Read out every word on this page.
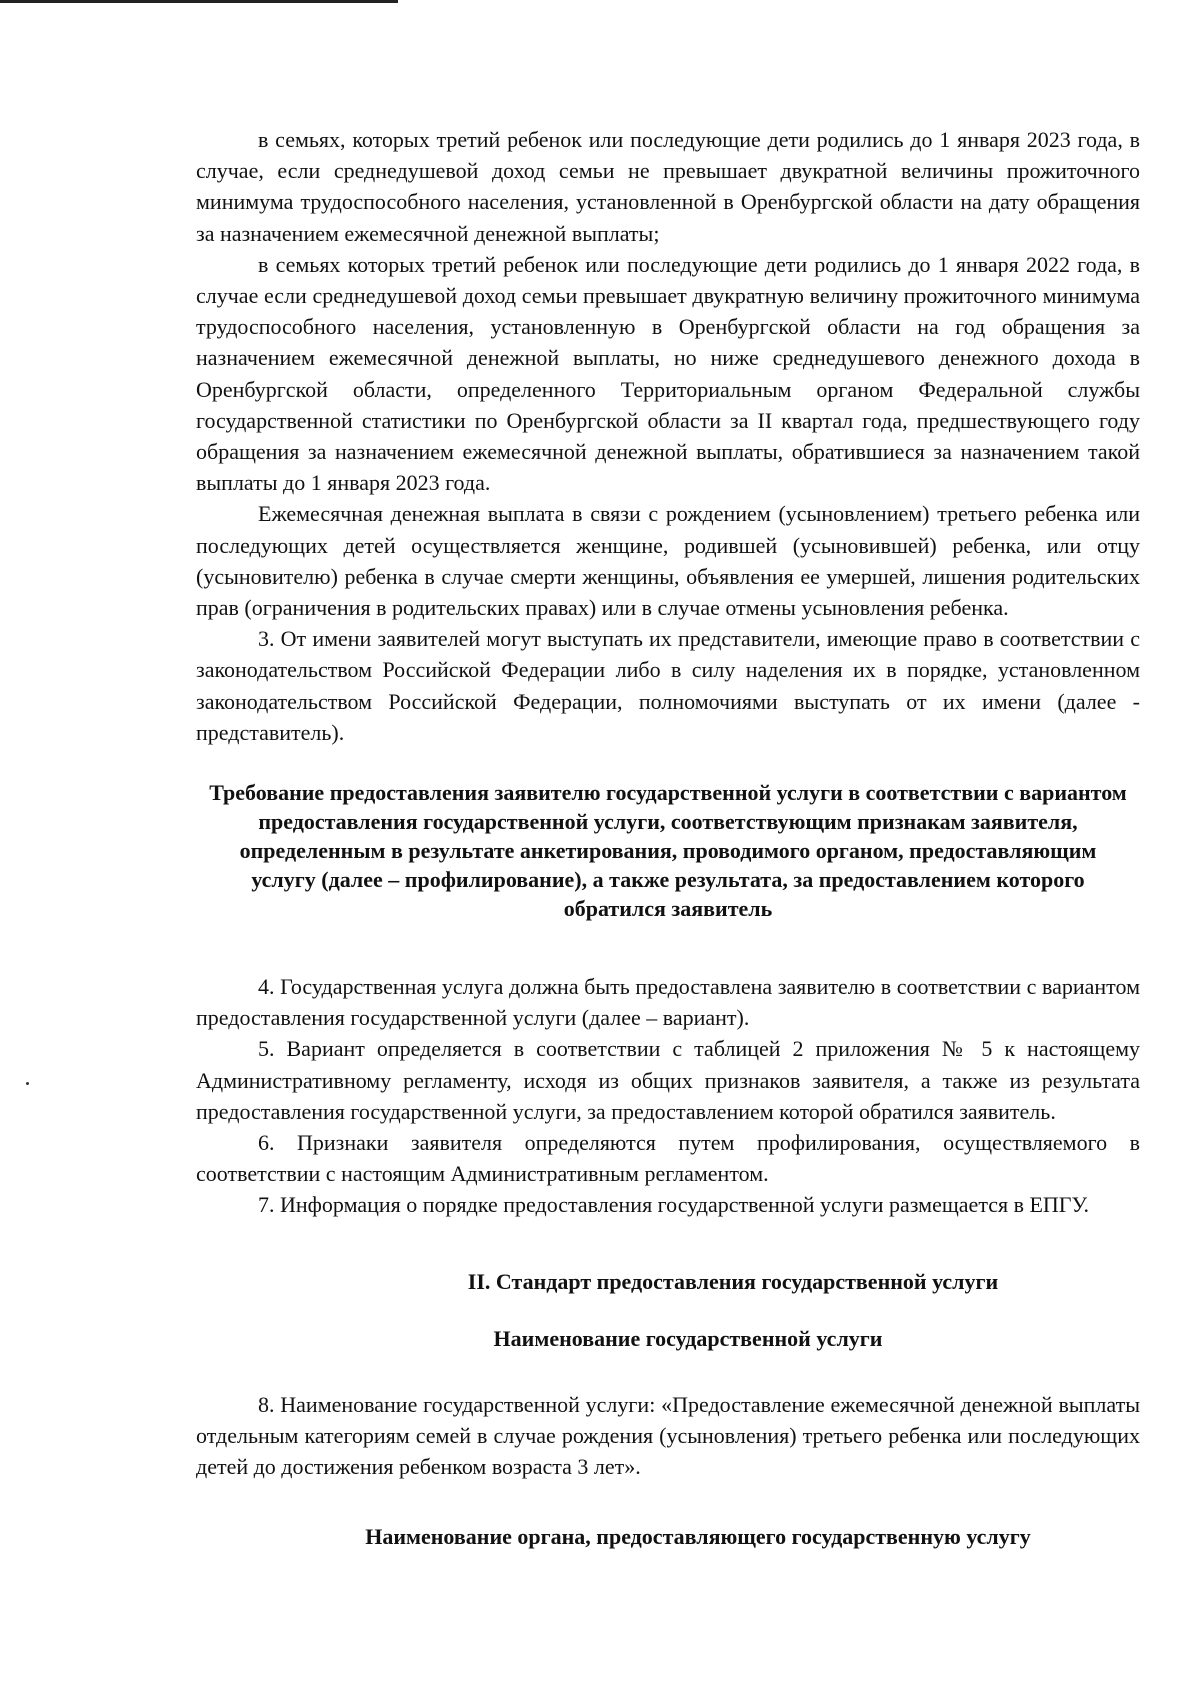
в семьях, которых третий ребенок или последующие дети родились до 1 января 2023 года, в случае, если среднедушевой доход семьи не превышает двукратной величины прожиточного минимума трудоспособного населения, установленной в Оренбургской области на дату обращения за назначением ежемесячной денежной выплаты;

в семьях которых третий ребенок или последующие дети родились до 1 января 2022 года, в случае если среднедушевой доход семьи превышает двукратную величину прожиточного минимума трудоспособного населения, установленную в Оренбургской области на год обращения за назначением ежемесячной денежной выплаты, но ниже среднедушевого денежного дохода в Оренбургской области, определенного Территориальным органом Федеральной службы государственной статистики по Оренбургской области за II квартал года, предшествующего году обращения за назначением ежемесячной денежной выплаты, обратившиеся за назначением такой выплаты до 1 января 2023 года.

Ежемесячная денежная выплата в связи с рождением (усыновлением) третьего ребенка или последующих детей осуществляется женщине, родившей (усыновившей) ребенка, или отцу (усыновителю) ребенка в случае смерти женщины, объявления ее умершей, лишения родительских прав (ограничения в родительских правах) или в случае отмены усыновления ребенка.

3. От имени заявителей могут выступать их представители, имеющие право в соответствии с законодательством Российской Федерации либо в силу наделения их в порядке, установленном законодательством Российской Федерации, полномочиями выступать от их имени (далее - представитель).

Требование предоставления заявителю государственной услуги в соответствии с вариантом предоставления государственной услуги, соответствующим признакам заявителя, определенным в результате анкетирования, проводимого органом, предоставляющим услугу (далее – профилирование), а также результата, за предоставлением которого обратился заявитель

4. Государственная услуга должна быть предоставлена заявителю в соответствии с вариантом предоставления государственной услуги (далее – вариант).

5. Вариант определяется в соответствии с таблицей 2 приложения № 5 к настоящему Административному регламенту, исходя из общих признаков заявителя, а также из результата предоставления государственной услуги, за предоставлением которой обратился заявитель.

6. Признаки заявителя определяются путем профилирования, осуществляемого в соответствии с настоящим Административным регламентом.

7. Информация о порядке предоставления государственной услуги размещается в ЕПГУ.

II. Стандарт предоставления государственной услуги
Наименование государственной услуги

8. Наименование государственной услуги: «Предоставление ежемесячной денежной выплаты отдельным категориям семей в случае рождения (усыновления) третьего ребенка или последующих детей до достижения ребенком возраста 3 лет».

Наименование органа, предоставляющего государственную услугу
